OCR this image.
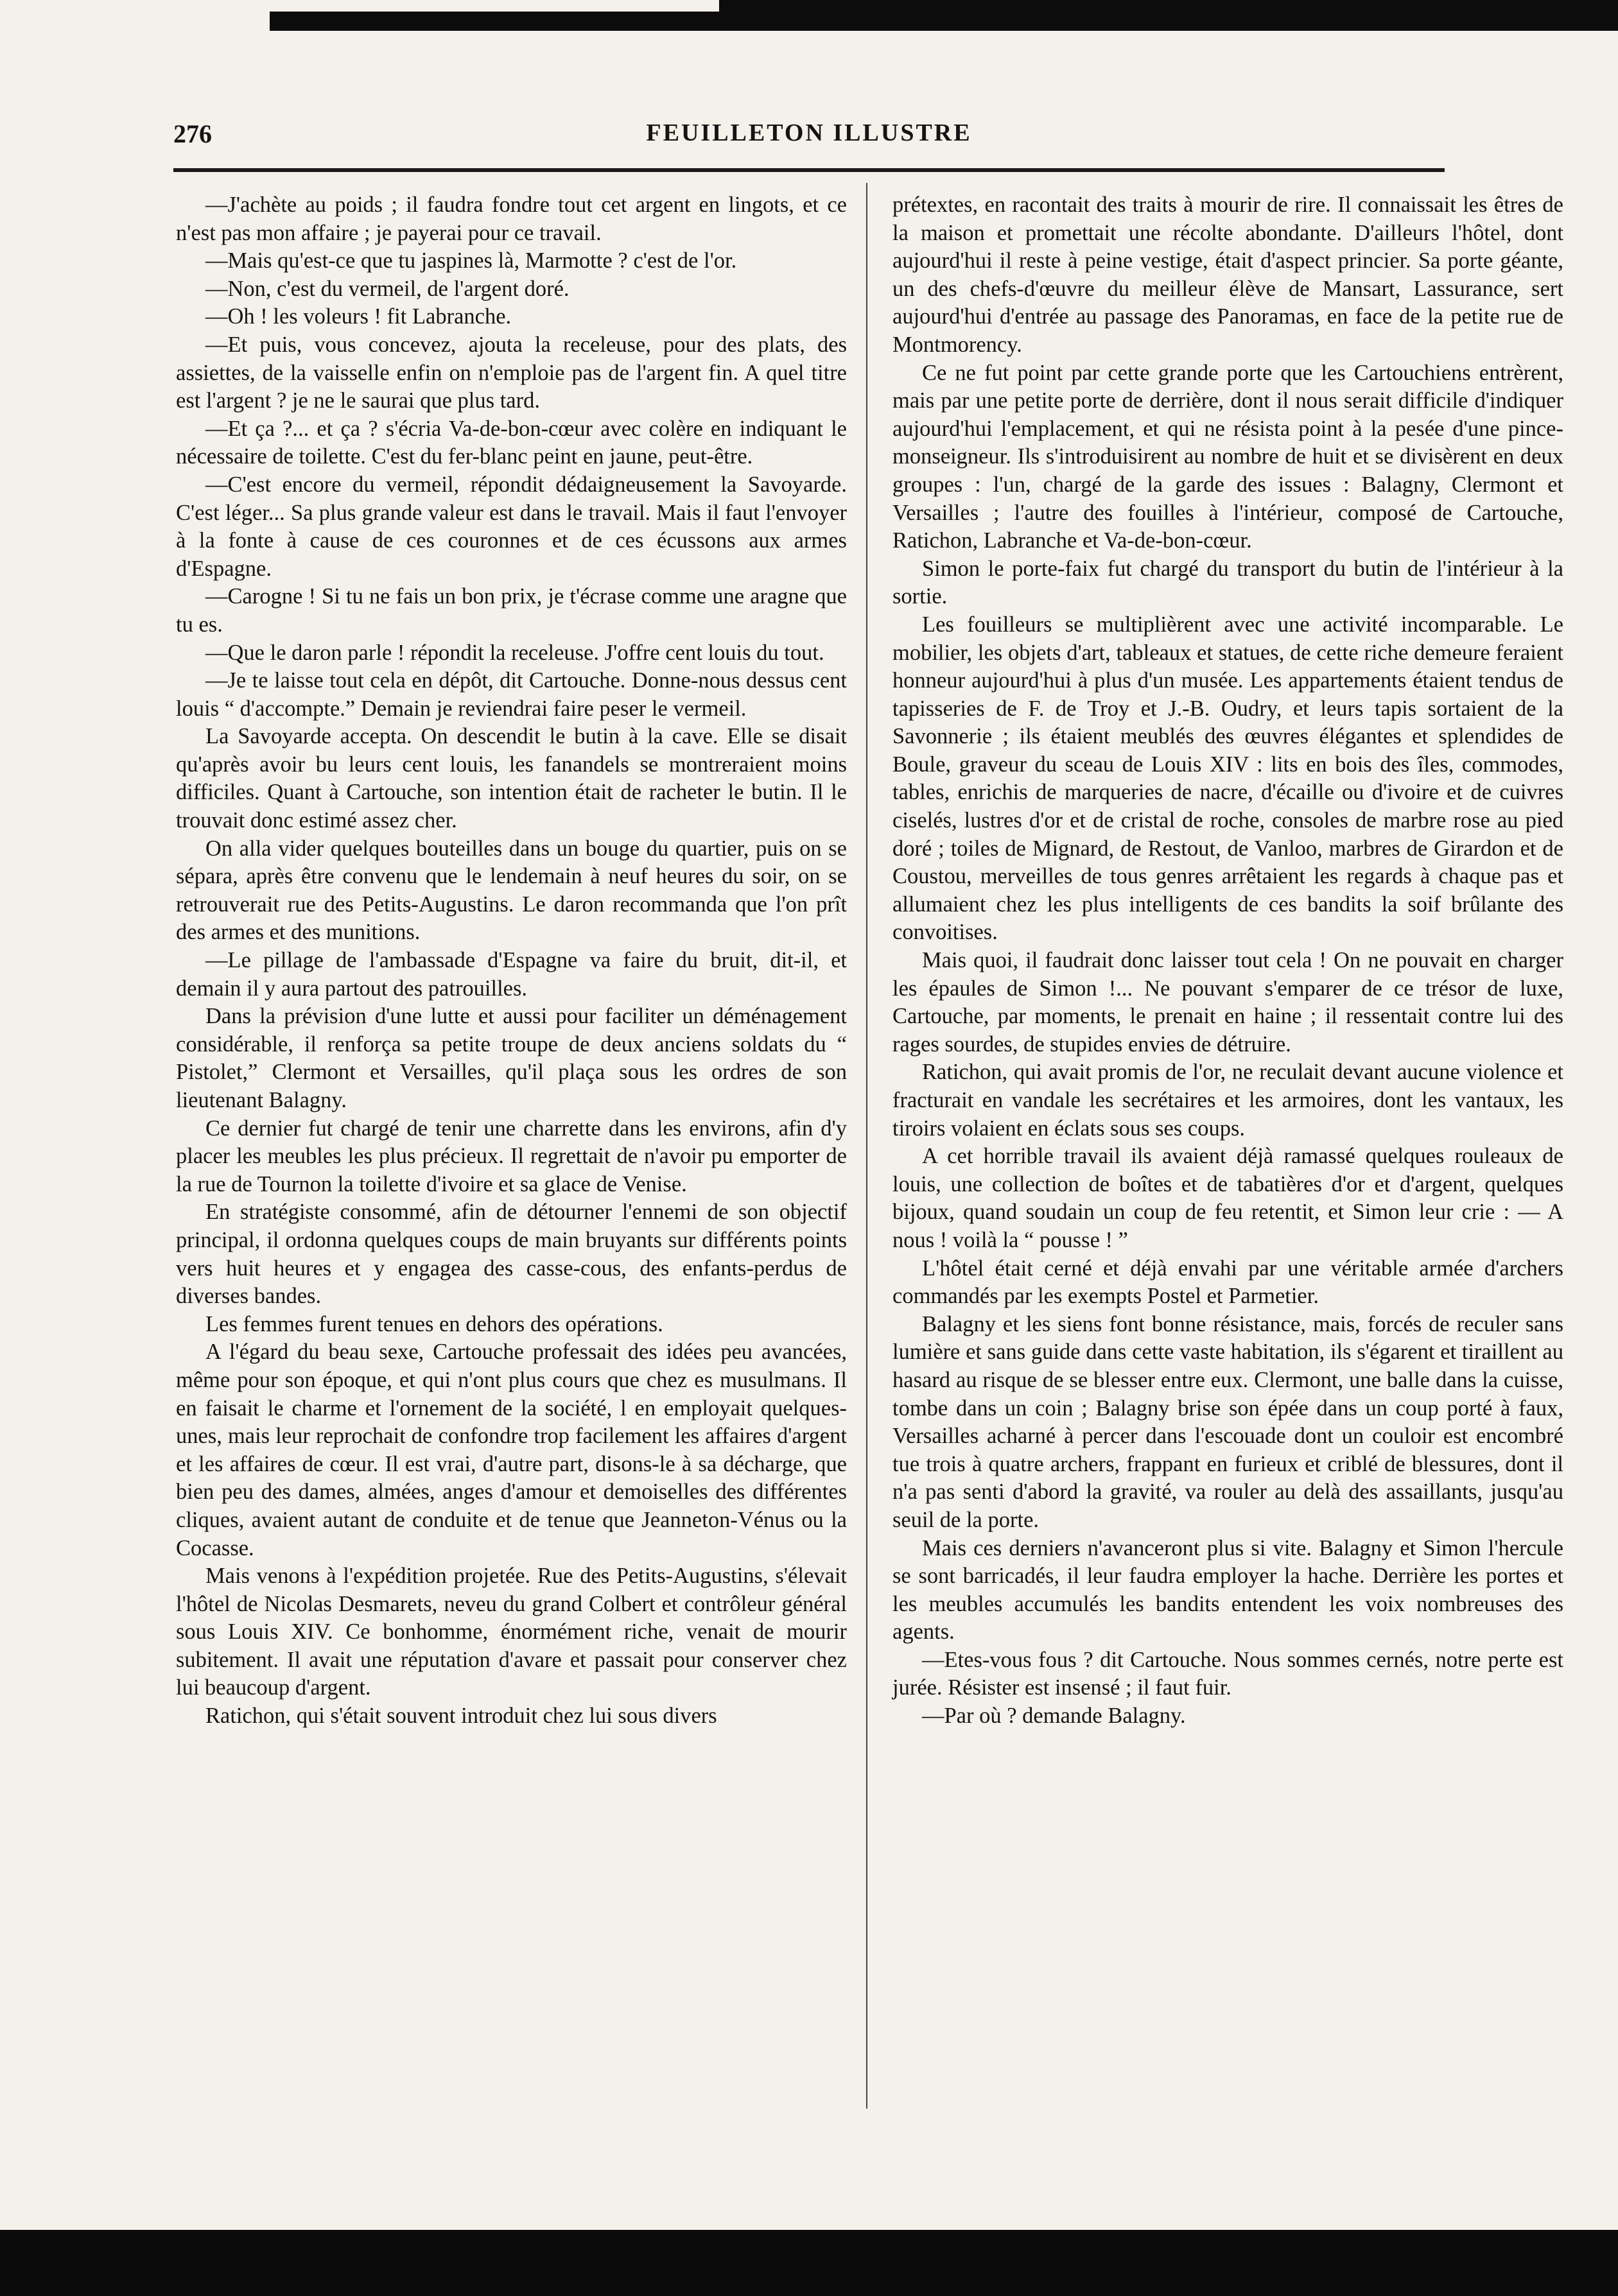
276	FEUILLETON ILLUSTRE

—J'achète au poids ; il faudra fondre tout cet argent en lingots, et ce n'est pas mon affaire ; je payerai pour ce travail.

—Mais qu'est-ce que tu jaspines là, Marmotte ? c'est de l'or.

—Non, c'est du vermeil, de l'argent doré.

—Oh ! les voleurs ! fit Labranche.

—Et puis, vous concevez, ajouta la receleuse, pour des plats, des assiettes, de la vaisselle enfin on n'emploie pas de l'argent fin. A quel titre est l'argent ? je ne le saurai que plus tard.

—Et ça ?... et ça ? s'écria Va-de-bon-cœur avec colère en indiquant le nécessaire de toilette. C'est du fer-blanc peint en jaune, peut-être.

—C'est encore du vermeil, répondit dédaigneusement la Savoyarde. C'est léger... Sa plus grande valeur est dans le travail. Mais il faut l'envoyer à la fonte à cause de ces couronnes et de ces écussons aux armes d'Espagne.

—Carogne ! Si tu ne fais un bon prix, je t'écrase comme une aragne que tu es.

—Que le daron parle ! répondit la receleuse. J'offre cent louis du tout.

—Je te laisse tout cela en dépôt, dit Cartouche. Donne-nous dessus cent louis “ d'accompte.” Demain je reviendrai faire peser le vermeil.

La Savoyarde accepta. On descendit le butin à la cave. Elle se disait qu'après avoir bu leurs cent louis, les fanandels se montreraient moins difficiles. Quant à Cartouche, son intention était de racheter le butin. Il le trouvait donc estimé assez cher.

On alla vider quelques bouteilles dans un bouge du quartier, puis on se sépara, après être convenu que le lendemain à neuf heures du soir, on se retrouverait rue des Petits-Augustins. Le daron recommanda que l'on prît des armes et des munitions.

—Le pillage de l'ambassade d'Espagne va faire du bruit, dit-il, et demain il y aura partout des patrouilles.

Dans la prévision d'une lutte et aussi pour faciliter un déménagement considérable, il renforça sa petite troupe de deux anciens soldats du “ Pistolet,” Clermont et Versailles, qu'il plaça sous les ordres de son lieutenant Balagny.

Ce dernier fut chargé de tenir une charrette dans les environs, afin d'y placer les meubles les plus précieux. Il regrettait de n'avoir pu emporter de la rue de Tournon la toilette d'ivoire et sa glace de Venise.

En stratégiste consommé, afin de détourner l'ennemi de son objectif principal, il ordonna quelques coups de main bruyants sur différents points vers huit heures et y engagea des casse-cous, des enfants-perdus de diverses bandes.

Les femmes furent tenues en dehors des opérations.

A l'égard du beau sexe, Cartouche professait des idées peu avancées, même pour son époque, et qui n'ont plus cours que chez es musulmans. Il en faisait le charme et l'ornement de la société, l en employait quelques-unes, mais leur reprochait de confondre trop facilement les affaires d'argent et les affaires de cœur. Il est vrai, d'autre part, disons-le à sa décharge, que bien peu des dames, almées, anges d'amour et demoiselles des différentes cliques, avaient autant de conduite et de tenue que Jeanneton-Vénus ou la Cocasse.

Mais venons à l'expédition projetée. Rue des Petits-Augustins, s'élevait l'hôtel de Nicolas Desmarets, neveu du grand Colbert et contrôleur général sous Louis XIV. Ce bonhomme, énormément riche, venait de mourir subitement. Il avait une réputation d'avare et passait pour conserver chez lui beaucoup d'argent.

Ratichon, qui s'était souvent introduit chez lui sous divers

prétextes, en racontait des traits à mourir de rire. Il connaissait les êtres de la maison et promettait une récolte abondante. D'ailleurs l'hôtel, dont aujourd'hui il reste à peine vestige, était d'aspect princier. Sa porte géante, un des chefs-d'œuvre du meilleur élève de Mansart, Lassurance, sert aujourd'hui d'entrée au passage des Panoramas, en face de la petite rue de Montmorency.

Ce ne fut point par cette grande porte que les Cartouchiens entrèrent, mais par une petite porte de derrière, dont il nous serait difficile d'indiquer aujourd'hui l'emplacement, et qui ne résista point à la pesée d'une pince-monseigneur. Ils s'introduisirent au nombre de huit et se divisèrent en deux groupes : l'un, chargé de la garde des issues : Balagny, Clermont et Versailles ; l'autre des fouilles à l'intérieur, composé de Cartouche, Ratichon, Labranche et Va-de-bon-cœur.

Simon le porte-faix fut chargé du transport du butin de l'intérieur à la sortie.

Les fouilleurs se multiplièrent avec une activité incomparable. Le mobilier, les objets d'art, tableaux et statues, de cette riche demeure feraient honneur aujourd'hui à plus d'un musée. Les appartements étaient tendus de tapisseries de F. de Troy et J.-B. Oudry, et leurs tapis sortaient de la Savonnerie ; ils étaient meublés des œuvres élégantes et splendides de Boule, graveur du sceau de Louis XIV : lits en bois des îles, commodes, tables, enrichis de marqueries de nacre, d'écaille ou d'ivoire et de cuivres ciselés, lustres d'or et de cristal de roche, consoles de marbre rose au pied doré ; toiles de Mignard, de Restout, de Vanloo, marbres de Girardon et de Coustou, merveilles de tous genres arrêtaient les regards à chaque pas et allumaient chez les plus intelligents de ces bandits la soif brûlante des convoitises.

Mais quoi, il faudrait donc laisser tout cela ! On ne pouvait en charger les épaules de Simon !... Ne pouvant s'emparer de ce trésor de luxe, Cartouche, par moments, le prenait en haine ; il ressentait contre lui des rages sourdes, de stupides envies de détruire.

Ratichon, qui avait promis de l'or, ne reculait devant aucune violence et fracturait en vandale les secrétaires et les armoires, dont les vantaux, les tiroirs volaient en éclats sous ses coups.

A cet horrible travail ils avaient déjà ramassé quelques rouleaux de louis, une collection de boîtes et de tabatières d'or et d'argent, quelques bijoux, quand soudain un coup de feu retentit, et Simon leur crie : — A nous ! voilà la “ pousse ! ”

L'hôtel était cerné et déjà envahi par une véritable armée d'archers commandés par les exempts Postel et Parmetier.

Balagny et les siens font bonne résistance, mais, forcés de reculer sans lumière et sans guide dans cette vaste habitation, ils s'égarent et tiraillent au hasard au risque de se blesser entre eux. Clermont, une balle dans la cuisse, tombe dans un coin ; Balagny brise son épée dans un coup porté à faux, Versailles acharné à percer dans l'escouade dont un couloir est encombré tue trois à quatre archers, frappant en furieux et criblé de blessures, dont il n'a pas senti d'abord la gravité, va rouler au delà des assaillants, jusqu'au seuil de la porte.

Mais ces derniers n'avanceront plus si vite. Balagny et Simon l'hercule se sont barricadés, il leur faudra employer la hache. Derrière les portes et les meubles accumulés les bandits entendent les voix nombreuses des agents.

—Etes-vous fous ? dit Cartouche. Nous sommes cernés, notre perte est jurée. Résister est insensé ; il faut fuir.

—Par où ? demande Balagny.
